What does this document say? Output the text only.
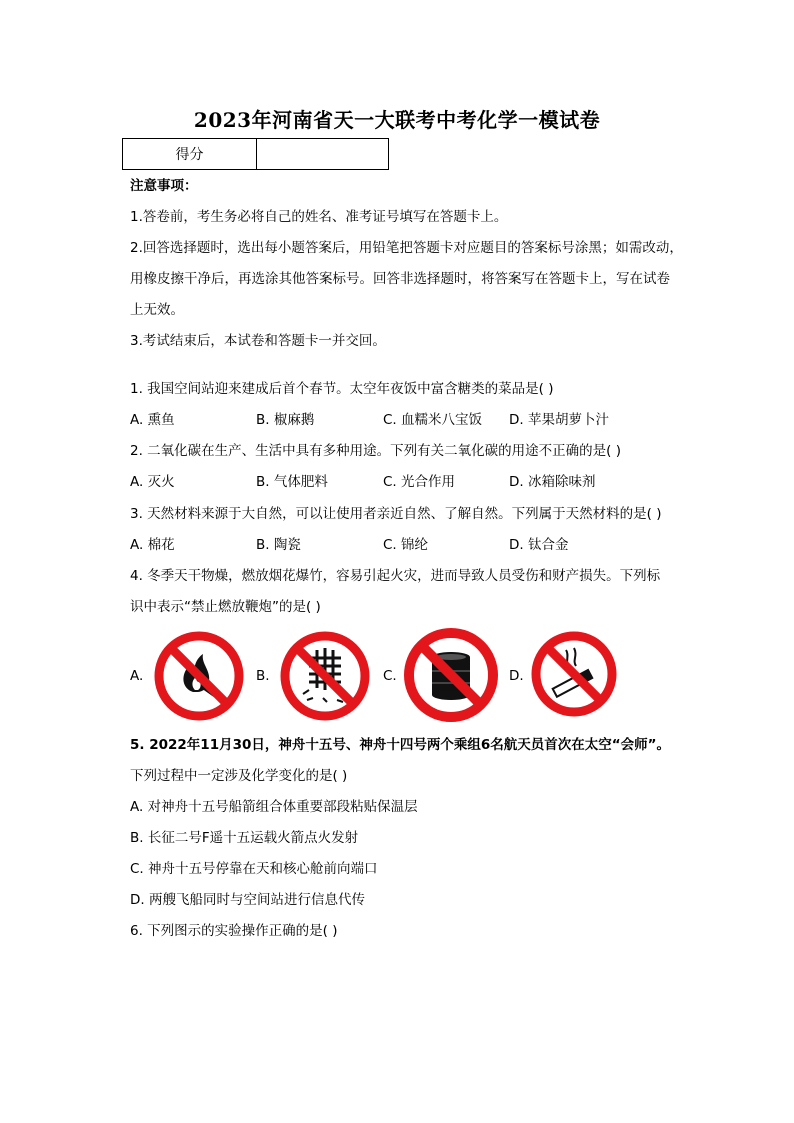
2023年河南省天一大联考中考化学一模试卷
得分	
注意事项：
1.答卷前，考生务必将自己的姓名、准考证号填写在答题卡上。
2.回答选择题时，选出每小题答案后，用铅笔把答题卡对应题目的答案标号涂黑；如需改动，
用橡皮擦干净后，再选涂其他答案标号。回答非选择题时，将答案写在答题卡上，写在试卷
上无效。
3.考试结束后，本试卷和答题卡一并交回。
1. 我国空间站迎来建成后首个春节。太空年夜饭中富含糖类的菜品是( )
A. 熏鱼	B. 椒麻鹅	C. 血糯米八宝饭 D. 苹果胡萝卜汁
2. 二氧化碳在生产、生活中具有多种用途。下列有关二氧化碳的用途不正确的是( )
A. 灭火	B. 气体肥料	C. 光合作用	D. 冰箱除味剂
3. 天然材料来源于大自然，可以让使用者亲近自然、了解自然。下列属于天然材料的是( )
A. 棉花	B. 陶瓷	C. 锦纶	D. 钛合金
4. 冬季天干物燥，燃放烟花爆竹，容易引起火灾，进而导致人员受伤和财产损失。下列标
识中表示“禁止燃放鞭炮”的是( )
A.	B.	C.	D.
5. 2022年11月30日，神舟十五号、神舟十四号两个乘组6名航天员首次在太空“会师”。
下列过程中一定涉及化学变化的是( )
A. 对神舟十五号船箭组合体重要部段粘贴保温层
B. 长征二号F遥十五运载火箭点火发射
C. 神舟十五号停靠在天和核心舱前向端口
D. 两艘飞船同时与空间站进行信息代传
6. 下列图示的实验操作正确的是( )
